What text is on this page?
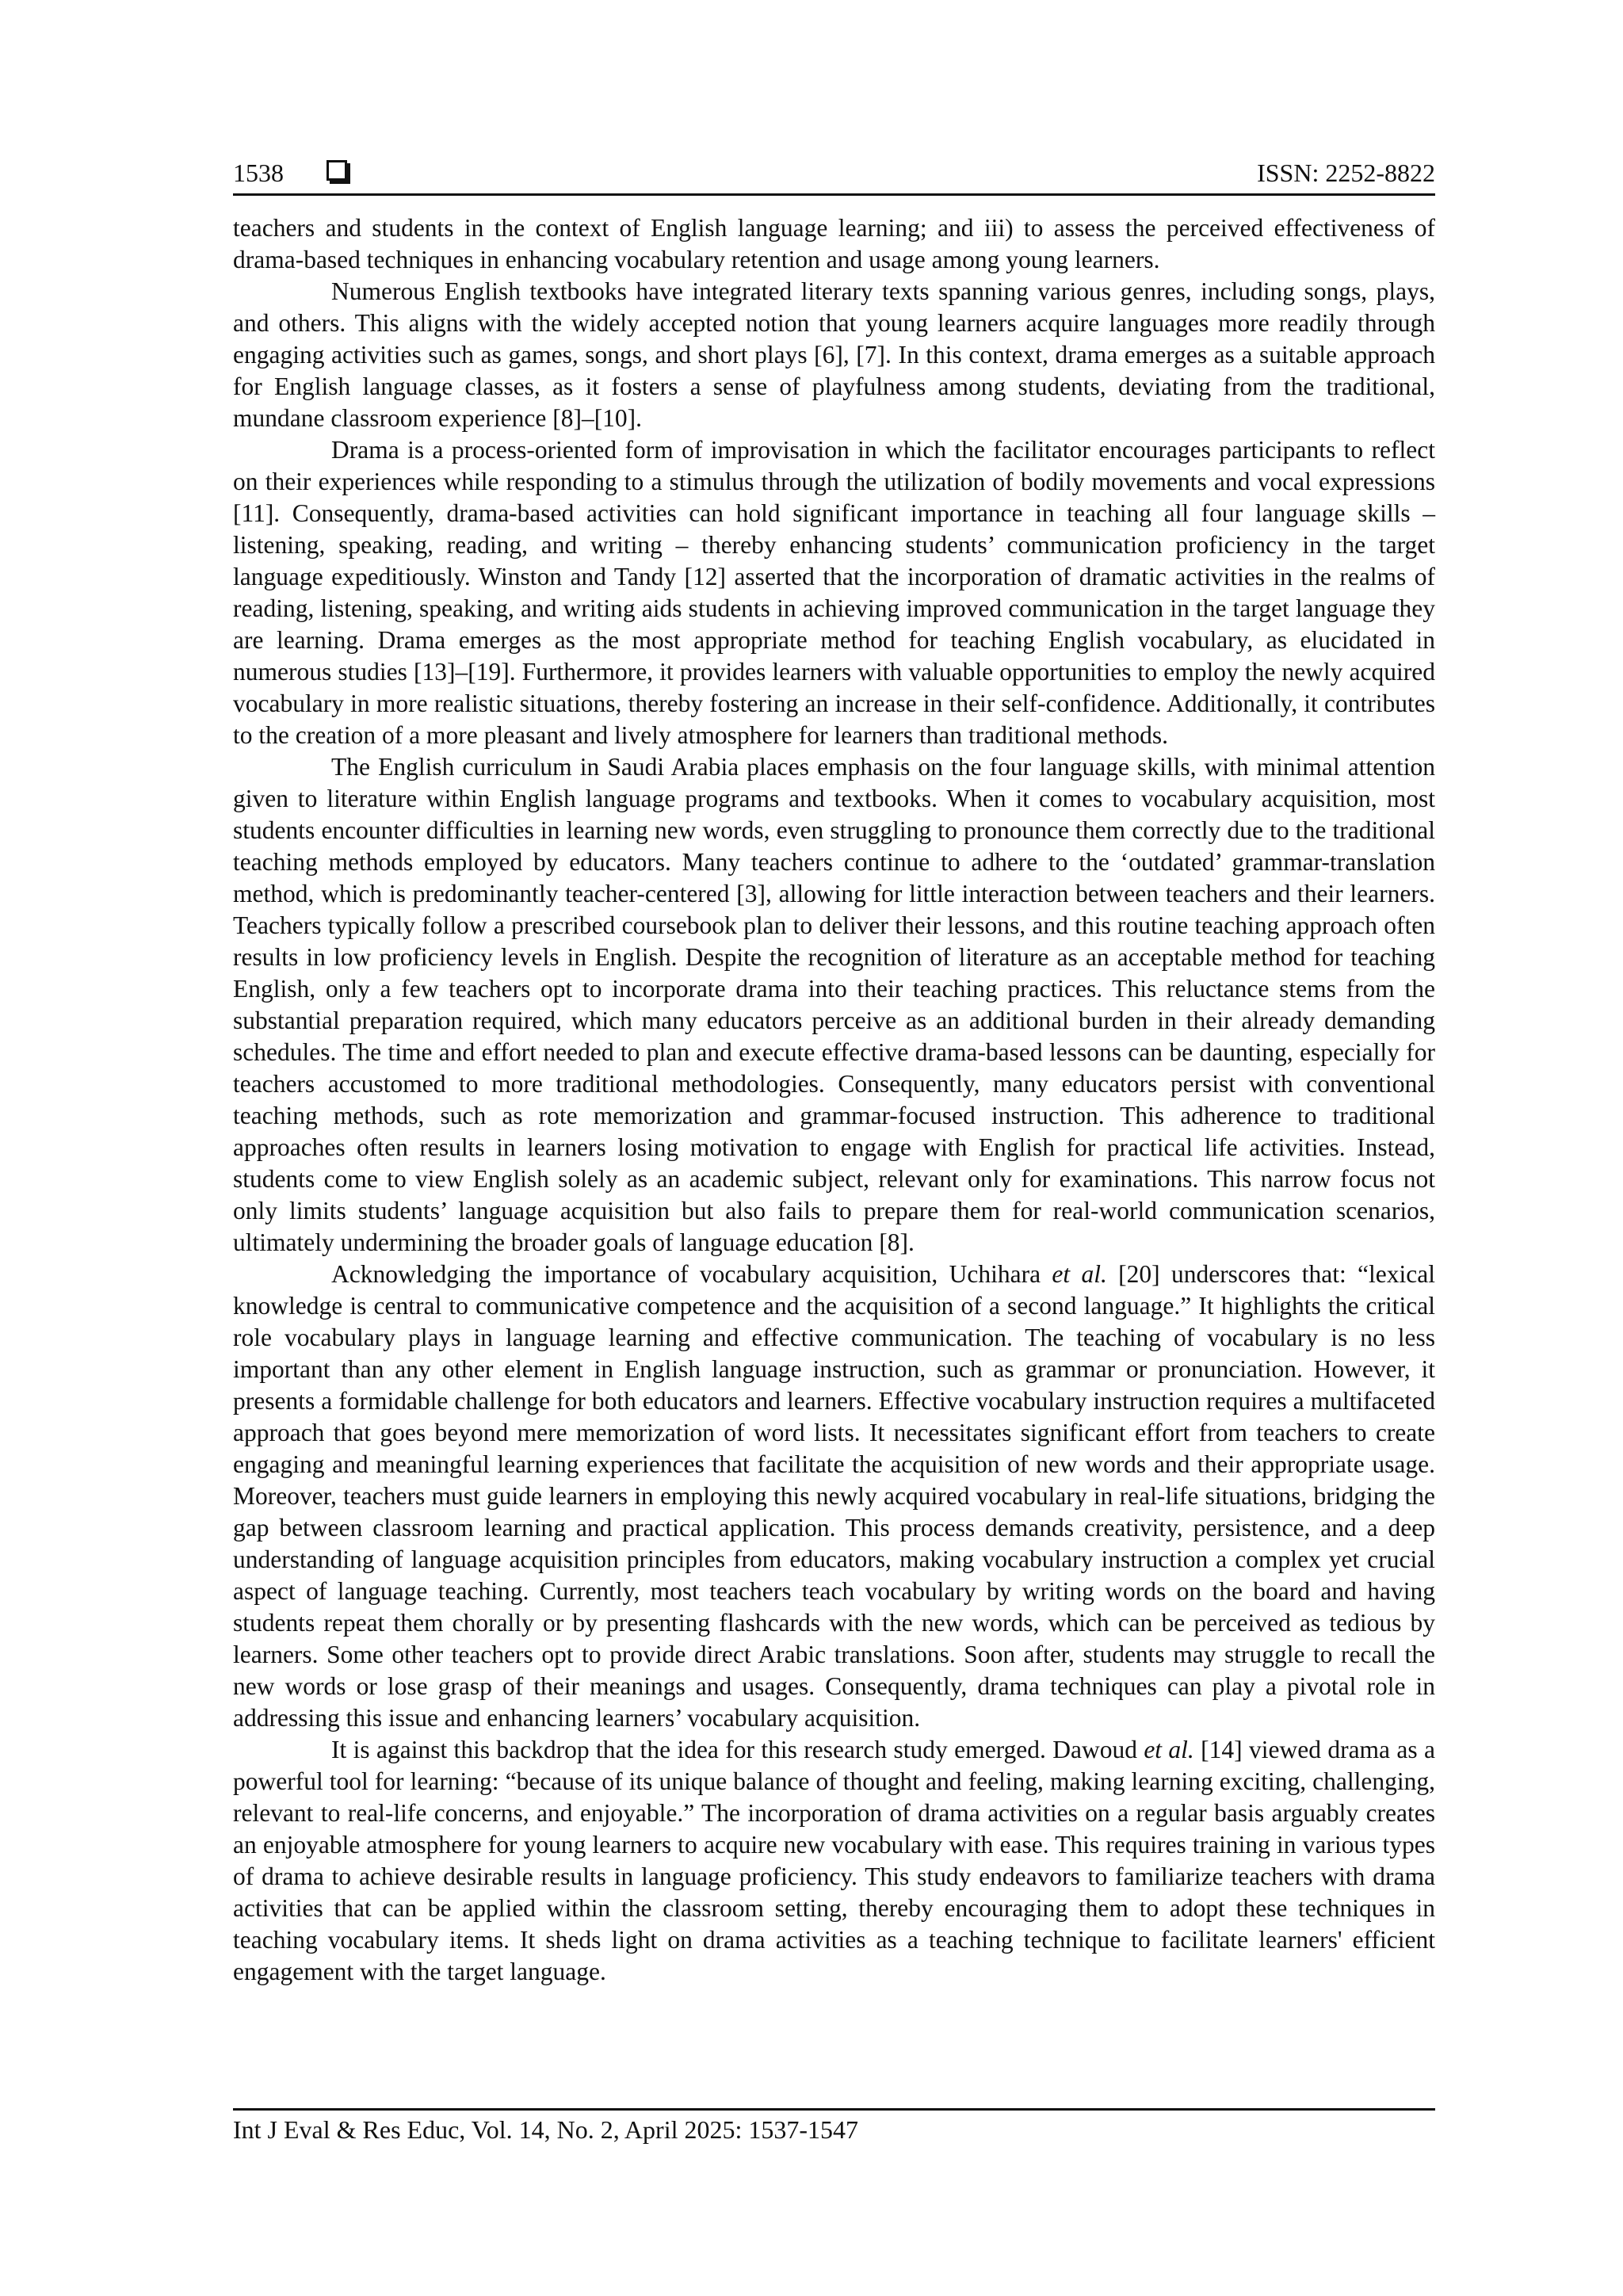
1538	ISSN: 2252-8822

teachers and students in the context of English language learning; and iii) to assess the perceived effectiveness of drama-based techniques in enhancing vocabulary retention and usage among young learners.

Numerous English textbooks have integrated literary texts spanning various genres, including songs, plays, and others. This aligns with the widely accepted notion that young learners acquire languages more readily through engaging activities such as games, songs, and short plays [6], [7]. In this context, drama emerges as a suitable approach for English language classes, as it fosters a sense of playfulness among students, deviating from the traditional, mundane classroom experience [8]–[10].

Drama is a process-oriented form of improvisation in which the facilitator encourages participants to reflect on their experiences while responding to a stimulus through the utilization of bodily movements and vocal expressions [11]. Consequently, drama-based activities can hold significant importance in teaching all four language skills – listening, speaking, reading, and writing – thereby enhancing students’ communication proficiency in the target language expeditiously. Winston and Tandy [12] asserted that the incorporation of dramatic activities in the realms of reading, listening, speaking, and writing aids students in achieving improved communication in the target language they are learning. Drama emerges as the most appropriate method for teaching English vocabulary, as elucidated in numerous studies [13]–[19]. Furthermore, it provides learners with valuable opportunities to employ the newly acquired vocabulary in more realistic situations, thereby fostering an increase in their self-confidence. Additionally, it contributes to the creation of a more pleasant and lively atmosphere for learners than traditional methods.

The English curriculum in Saudi Arabia places emphasis on the four language skills, with minimal attention given to literature within English language programs and textbooks. When it comes to vocabulary acquisition, most students encounter difficulties in learning new words, even struggling to pronounce them correctly due to the traditional teaching methods employed by educators. Many teachers continue to adhere to the ‘outdated’ grammar-translation method, which is predominantly teacher-centered [3], allowing for little interaction between teachers and their learners. Teachers typically follow a prescribed coursebook plan to deliver their lessons, and this routine teaching approach often results in low proficiency levels in English. Despite the recognition of literature as an acceptable method for teaching English, only a few teachers opt to incorporate drama into their teaching practices. This reluctance stems from the substantial preparation required, which many educators perceive as an additional burden in their already demanding schedules. The time and effort needed to plan and execute effective drama-based lessons can be daunting, especially for teachers accustomed to more traditional methodologies. Consequently, many educators persist with conventional teaching methods, such as rote memorization and grammar-focused instruction. This adherence to traditional approaches often results in learners losing motivation to engage with English for practical life activities. Instead, students come to view English solely as an academic subject, relevant only for examinations. This narrow focus not only limits students’ language acquisition but also fails to prepare them for real-world communication scenarios, ultimately undermining the broader goals of language education [8].

Acknowledging the importance of vocabulary acquisition, Uchihara et al. [20] underscores that: “lexical knowledge is central to communicative competence and the acquisition of a second language.” It highlights the critical role vocabulary plays in language learning and effective communication. The teaching of vocabulary is no less important than any other element in English language instruction, such as grammar or pronunciation. However, it presents a formidable challenge for both educators and learners. Effective vocabulary instruction requires a multifaceted approach that goes beyond mere memorization of word lists. It necessitates significant effort from teachers to create engaging and meaningful learning experiences that facilitate the acquisition of new words and their appropriate usage. Moreover, teachers must guide learners in employing this newly acquired vocabulary in real-life situations, bridging the gap between classroom learning and practical application. This process demands creativity, persistence, and a deep understanding of language acquisition principles from educators, making vocabulary instruction a complex yet crucial aspect of language teaching. Currently, most teachers teach vocabulary by writing words on the board and having students repeat them chorally or by presenting flashcards with the new words, which can be perceived as tedious by learners. Some other teachers opt to provide direct Arabic translations. Soon after, students may struggle to recall the new words or lose grasp of their meanings and usages. Consequently, drama techniques can play a pivotal role in addressing this issue and enhancing learners’ vocabulary acquisition.

It is against this backdrop that the idea for this research study emerged. Dawoud et al. [14] viewed drama as a powerful tool for learning: “because of its unique balance of thought and feeling, making learning exciting, challenging, relevant to real-life concerns, and enjoyable.” The incorporation of drama activities on a regular basis arguably creates an enjoyable atmosphere for young learners to acquire new vocabulary with ease. This requires training in various types of drama to achieve desirable results in language proficiency. This study endeavors to familiarize teachers with drama activities that can be applied within the classroom setting, thereby encouraging them to adopt these techniques in teaching vocabulary items. It sheds light on drama activities as a teaching technique to facilitate learners' efficient engagement with the target language.

Int J Eval & Res Educ, Vol. 14, No. 2, April 2025: 1537-1547
